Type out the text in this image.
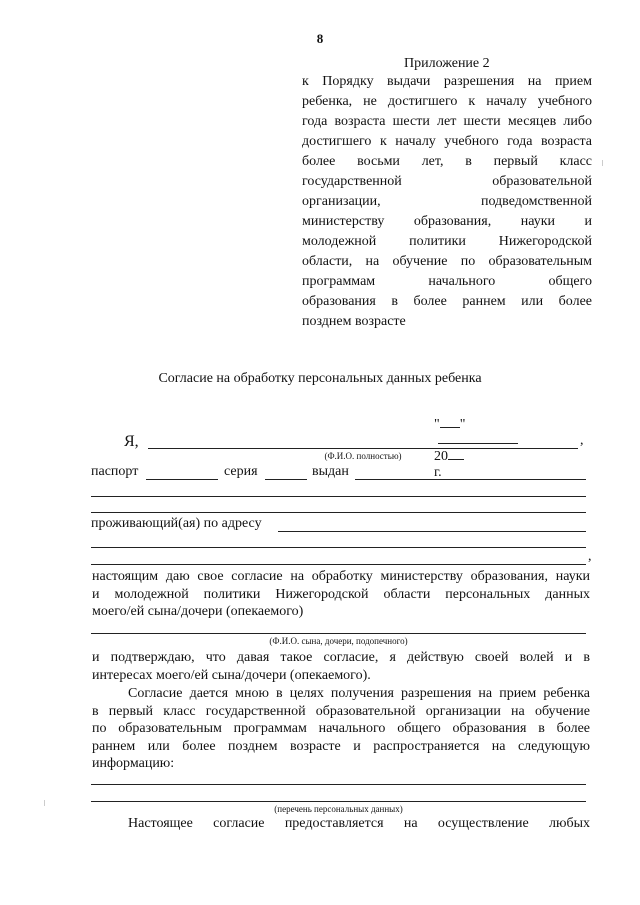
8
Приложение 2
к Порядку выдачи разрешения на прием
ребенка, не достигшего к началу учебного
года возраста шести лет шести месяцев либо
достигшего к началу учебного года возраста
более восьми лет, в первый класс
государственной образовательной
организации, подведомственной
министерству образования, науки и
молодежной политики Нижегородской
области, на обучение по образовательным
программам начального общего
образования в более раннем или более
позднем возрасте
Согласие на обработку персональных данных ребенка

" "

20
г.

Я,	,
(Ф.И.О. полностью)
паспорт	серия	выдан
проживающий(ая) по адресу
,
настоящим даю свое согласие на обработку министерству образования, науки
и молодежной политики Нижегородской области персональных данных
моего/ей сына/дочери (опекаемого)
(Ф.И.О. сына, дочери, подопечного)
и подтверждаю, что давая такое согласие, я действую своей волей и в
интересах моего/ей сына/дочери (опекаемого).
Согласие дается мною в целях получения разрешения на прием ребенка
в первый класс государственной образовательной организации на обучение
по образовательным программам начального общего образования в более
раннем или более позднем возрасте и распространяется на следующую
информацию:
(перечень персональных данных)
Настоящее согласие предоставляется на осуществление любых
